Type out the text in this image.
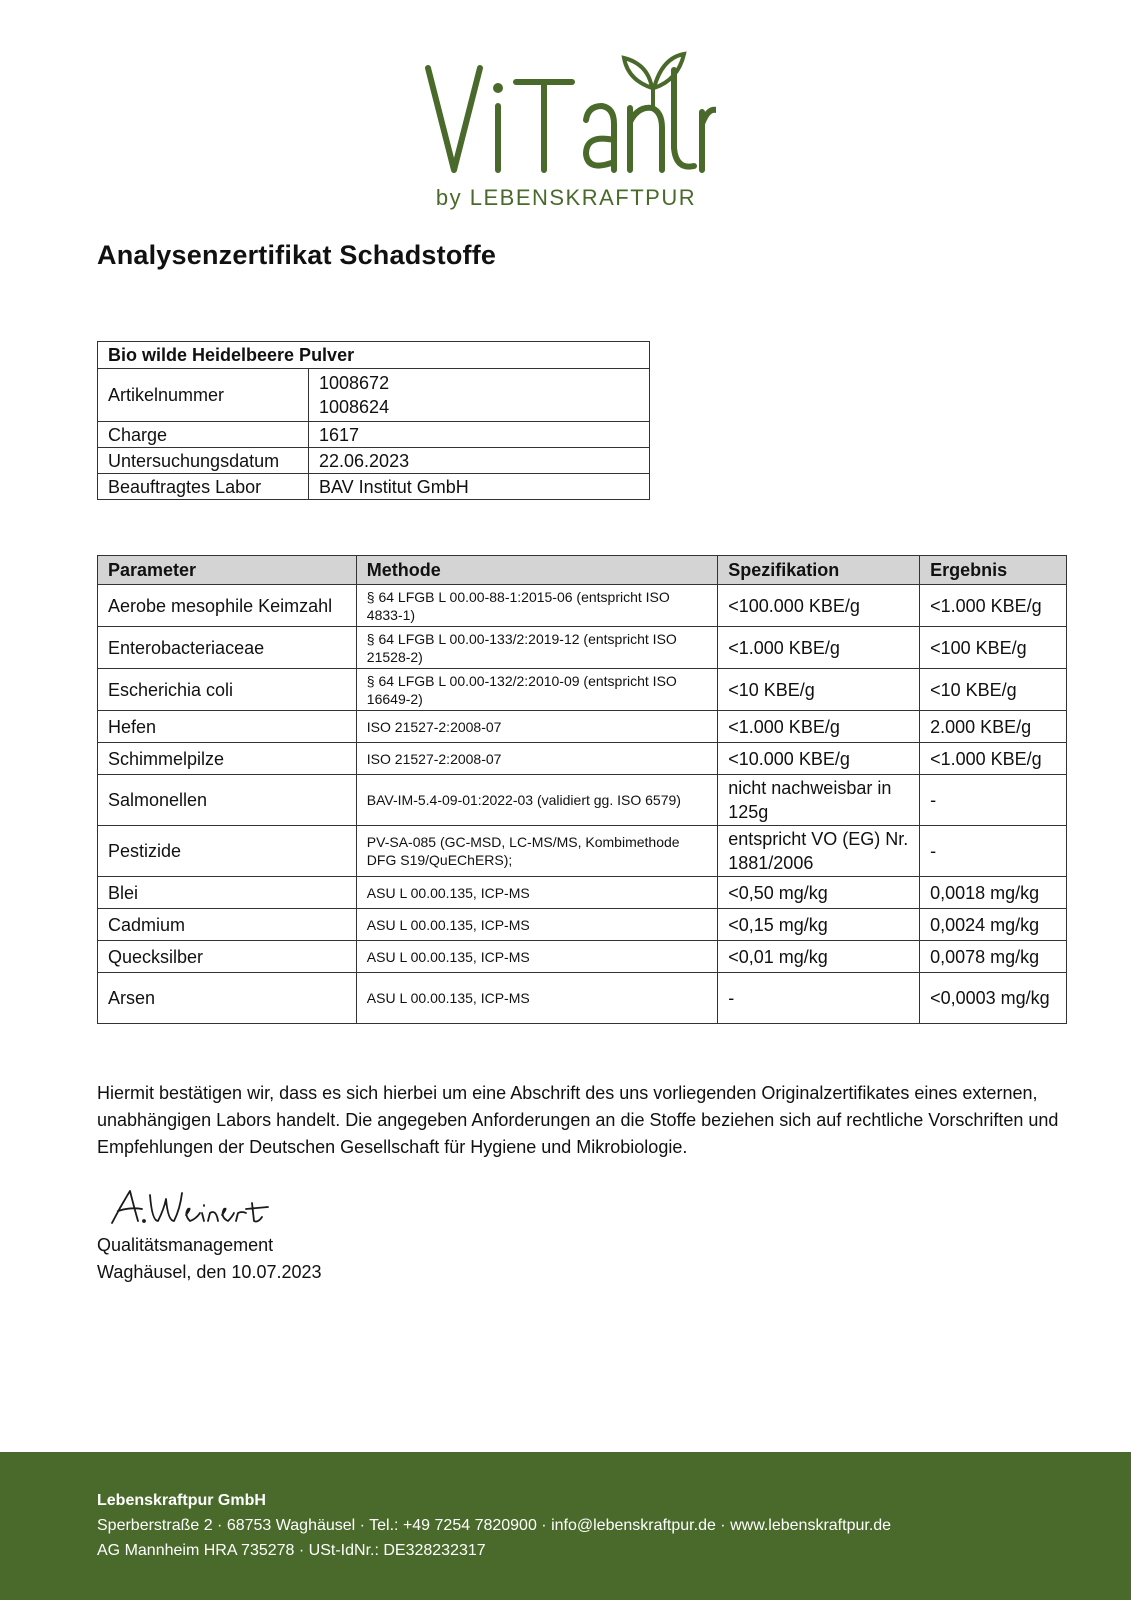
by LEBENSKRAFTPUR
Analysenzertifikat Schadstoffe
Bio wilde Heidelbeere Pulver	
Artikelnummer	1008672
1008624

Charge	1617
Untersuchungsdatum	22.06.2023
Beauftragtes Labor	BAV Institut GmbH
Parameter	Methode	Spezifikation	Ergebnis
Aerobe mesophile Keimzahl	§ 64 LFGB L 00.00-88-1:2015-06 (entspricht ISO 4833-1)	<100.000 KBE/g	<1.000 KBE/g
Enterobacteriaceae	§ 64 LFGB L 00.00-133/2:2019-12 (entspricht ISO 21528-2)	<1.000 KBE/g	<100 KBE/g
Escherichia coli	§ 64 LFGB L 00.00-132/2:2010-09 (entspricht ISO 16649-2)	<10 KBE/g	<10 KBE/g
Hefen	ISO 21527-2:2008-07	<1.000 KBE/g	2.000 KBE/g
Schimmelpilze	ISO 21527-2:2008-07	<10.000 KBE/g	<1.000 KBE/g
Salmonellen	BAV-IM-5.4-09-01:2022-03 (validiert gg. ISO 6579)	nicht nachweisbar in 125g	-
Pestizide	PV-SA-085 (GC-MSD, LC-MS/MS, Kombimethode DFG S19/QuEChERS);	entspricht VO (EG) Nr. 1881/2006	-
Blei	ASU L 00.00.135, ICP-MS	<0,50 mg/kg	0,0018 mg/kg
Cadmium	ASU L 00.00.135, ICP-MS	<0,15 mg/kg	0,0024 mg/kg
Quecksilber	ASU L 00.00.135, ICP-MS	<0,01 mg/kg	0,0078 mg/kg
Arsen	ASU L 00.00.135, ICP-MS	-	<0,0003 mg/kg

Hiermit bestätigen wir, dass es sich hierbei um eine Abschrift des uns vorliegenden Originalzertifikates eines externen, unabhängigen Labors handelt. Die angegeben Anforderungen an die Stoffe beziehen sich auf rechtliche Vorschriften und Empfehlungen der Deutschen Gesellschaft für Hygiene und Mikrobiologie.

Qualitätsmanagement
Waghäusel, den 10.07.2023
Lebenskraftpur GmbH
Sperberstraße 2 · 68753 Waghäusel · Tel.: +49 7254 7820900 · info@lebenskraftpur.de · www.lebenskraftpur.de
AG Mannheim HRA 735278 · USt-IdNr.: DE328232317
